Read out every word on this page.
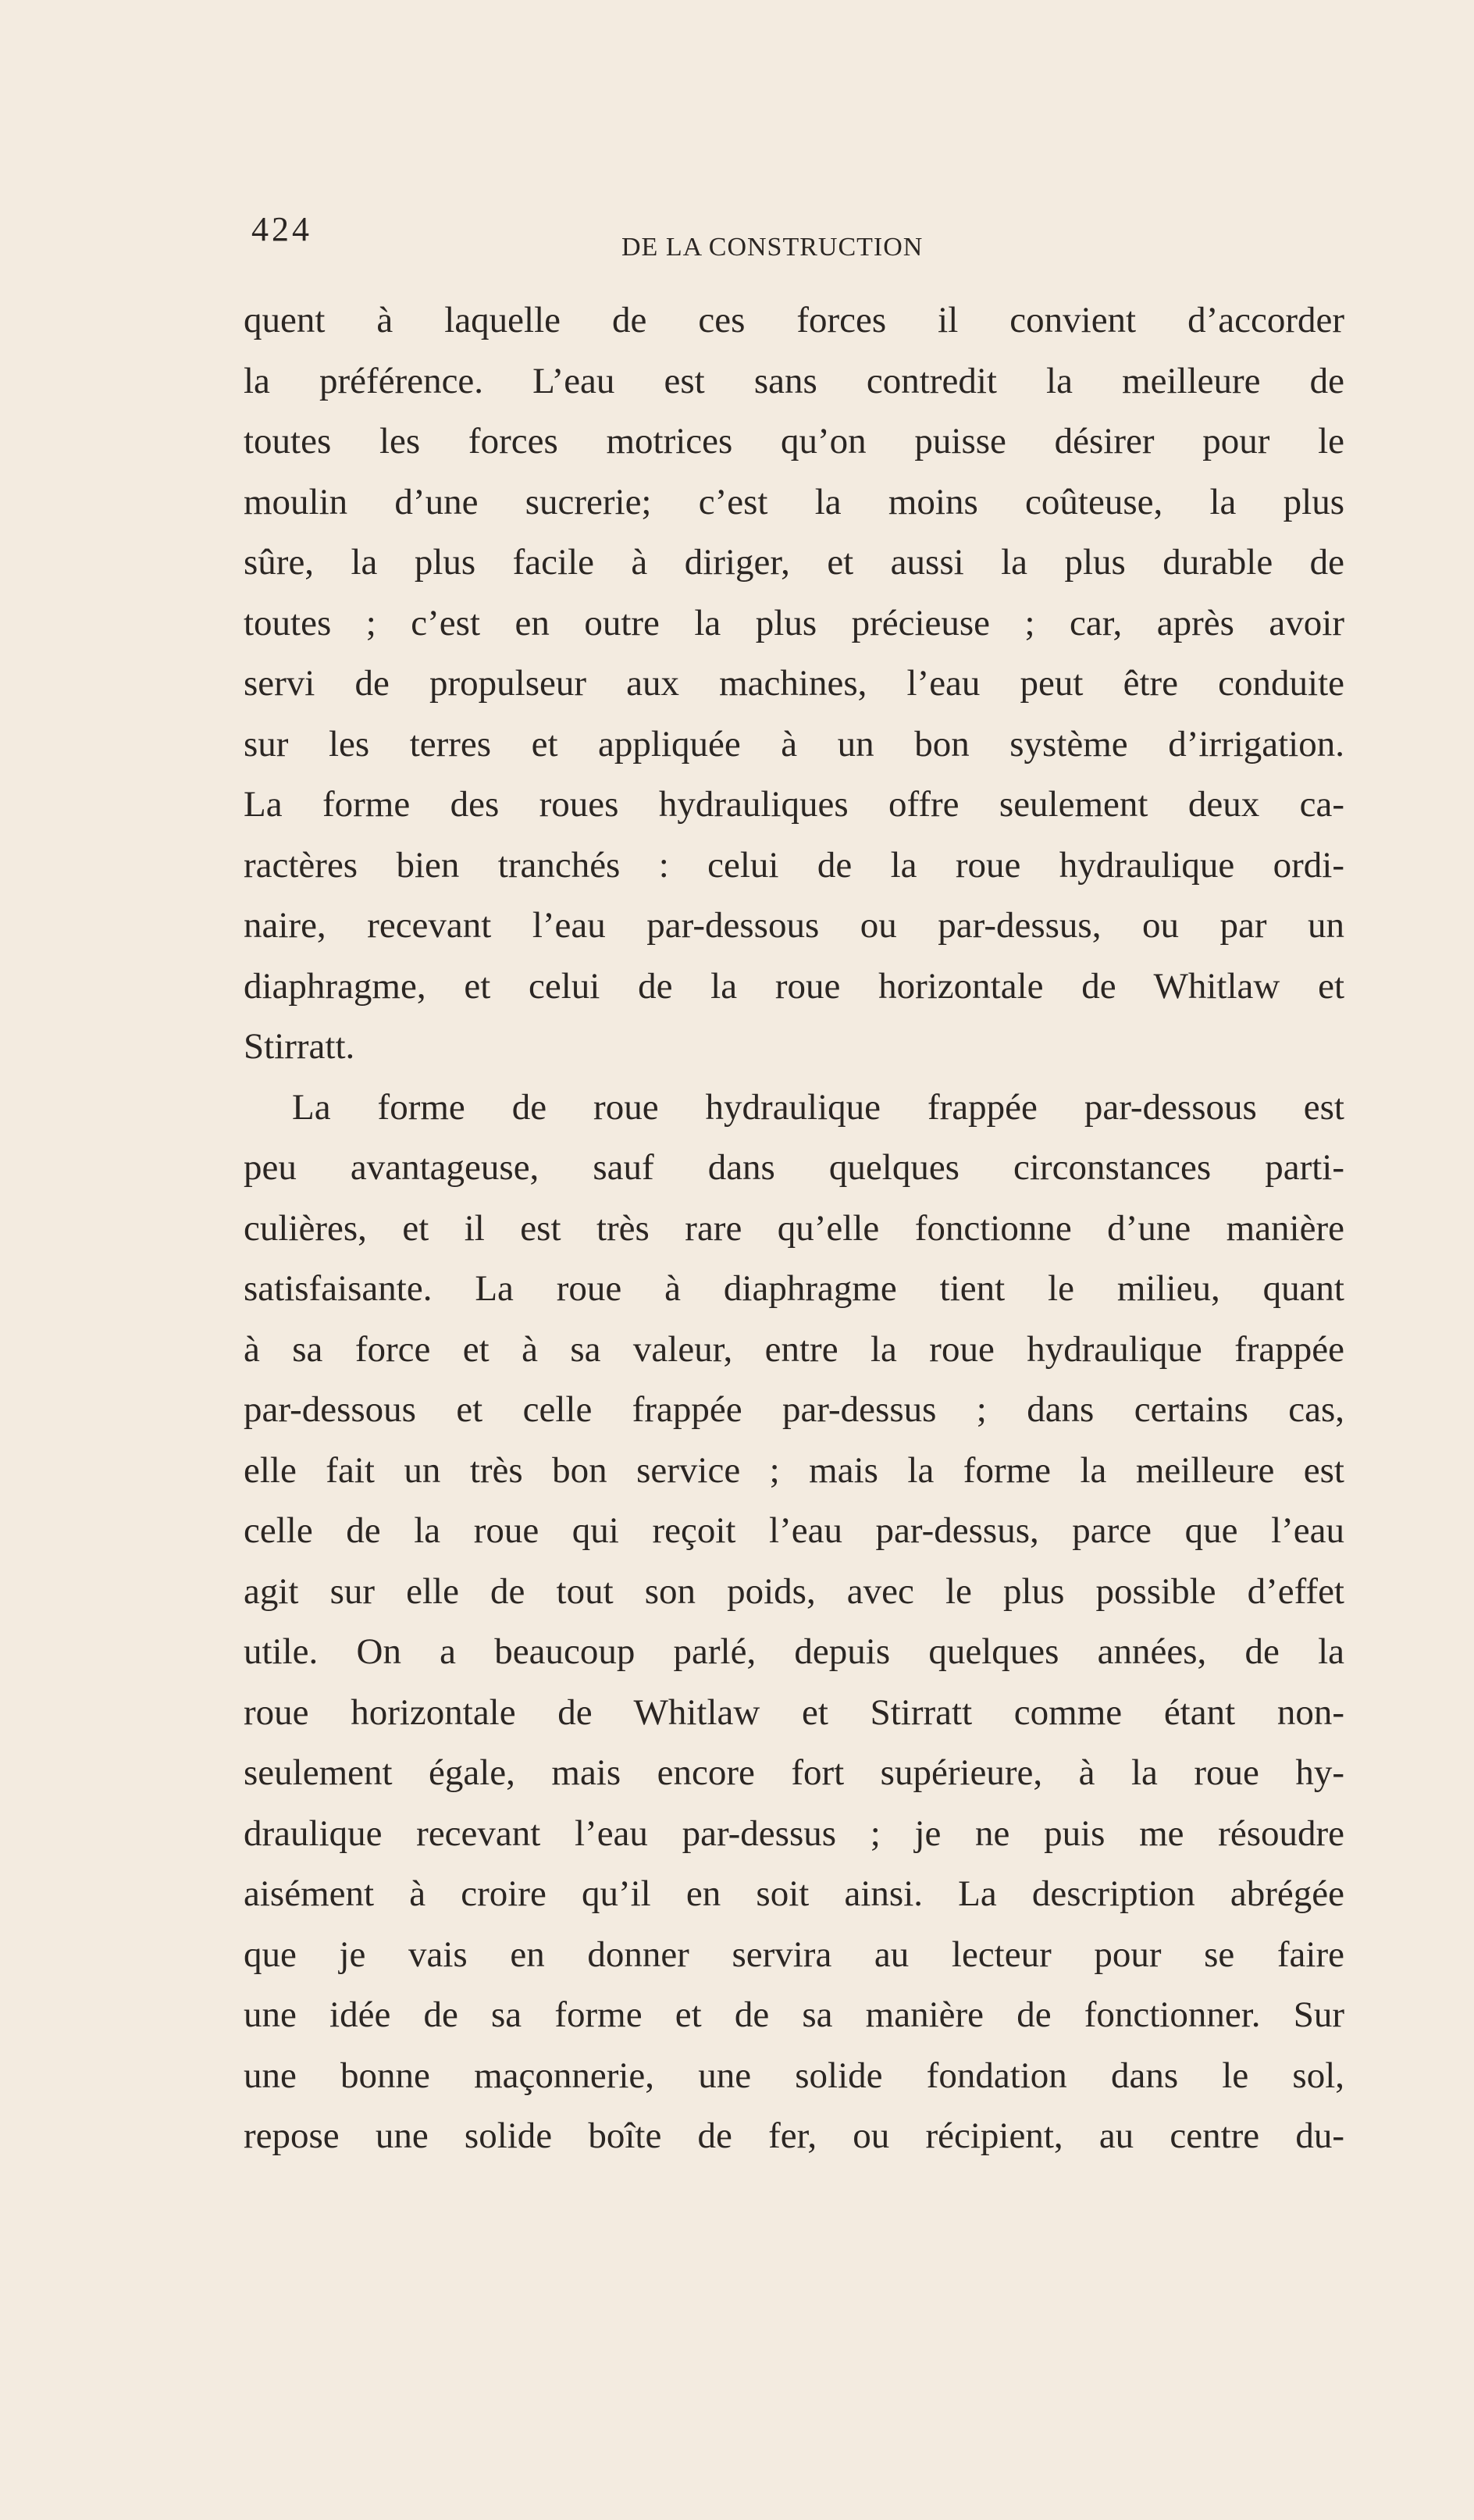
424	DE LA CONSTRUCTION
quent à laquelle de ces forces il convient d’accorder
la préférence. L’eau est sans contredit la meilleure de
toutes les forces motrices qu’on puisse désirer pour le
moulin d’une sucrerie; c’est la moins coûteuse, la plus
sûre, la plus facile à diriger, et aussi la plus durable de
toutes ; c’est en outre la plus précieuse ; car, après avoir
servi de propulseur aux machines, l’eau peut être conduite
sur les terres et appliquée à un bon système d’irrigation.
La forme des roues hydrauliques offre seulement deux ca-
ractères bien tranchés : celui de la roue hydraulique ordi-
naire, recevant l’eau par-dessous ou par-dessus, ou par un
diaphragme, et celui de la roue horizontale de Whitlaw et
Stirratt.
La forme de roue hydraulique frappée par-dessous est
peu avantageuse, sauf dans quelques circonstances parti-
culières, et il est très rare qu’elle fonctionne d’une manière
satisfaisante. La roue à diaphragme tient le milieu, quant
à sa force et à sa valeur, entre la roue hydraulique frappée
par-dessous et celle frappée par-dessus ; dans certains cas,
elle fait un très bon service ; mais la forme la meilleure est
celle de la roue qui reçoit l’eau par-dessus, parce que l’eau
agit sur elle de tout son poids, avec le plus possible d’effet
utile. On a beaucoup parlé, depuis quelques années, de la
roue horizontale de Whitlaw et Stirratt comme étant non-
seulement égale, mais encore fort supérieure, à la roue hy-
draulique recevant l’eau par-dessus ; je ne puis me résoudre
aisément à croire qu’il en soit ainsi. La description abrégée
que je vais en donner servira au lecteur pour se faire
une idée de sa forme et de sa manière de fonctionner. Sur
une bonne maçonnerie, une solide fondation dans le sol,
repose une solide boîte de fer, ou récipient, au centre du-
